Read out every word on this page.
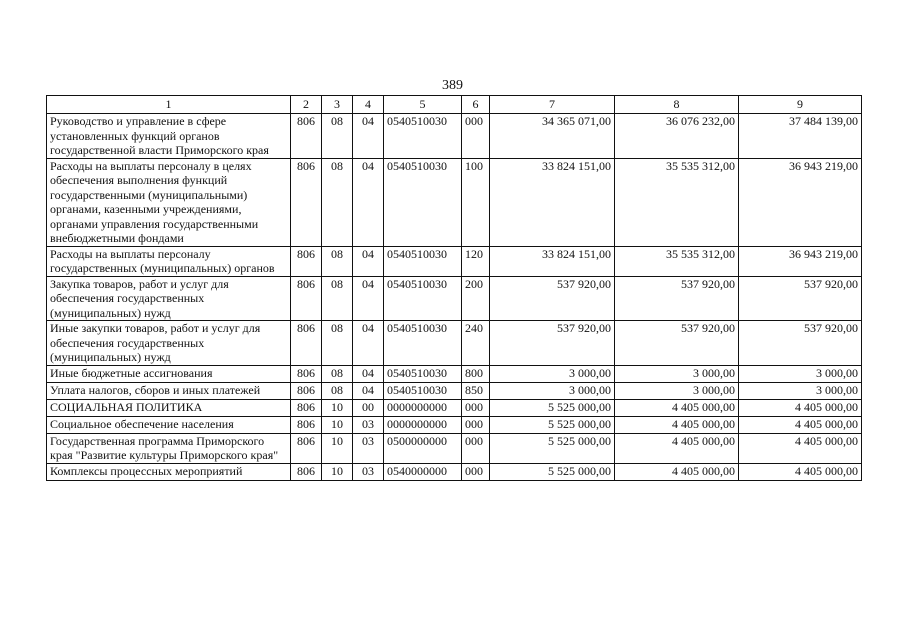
389
1	2	3	4	5	6	7	8	9
Руководство и управление в сфере установленных функций органов государственной власти Приморского края	806	08	04	0540510030	000	34 365 071,00	36 076 232,00	37 484 139,00
Расходы на выплаты персоналу в целях обеспечения выполнения функций государственными (муниципальными) органами, казенными учреждениями, органами управления государственными внебюджетными фондами	806	08	04	0540510030	100	33 824 151,00	35 535 312,00	36 943 219,00
Расходы на выплаты персоналу государственных (муниципальных) органов	806	08	04	0540510030	120	33 824 151,00	35 535 312,00	36 943 219,00
Закупка товаров, работ и услуг для обеспечения государственных (муниципальных) нужд	806	08	04	0540510030	200	537 920,00	537 920,00	537 920,00
Иные закупки товаров, работ и услуг для обеспечения государственных (муниципальных) нужд	806	08	04	0540510030	240	537 920,00	537 920,00	537 920,00
Иные бюджетные ассигнования	806	08	04	0540510030	800	3 000,00	3 000,00	3 000,00
Уплата налогов, сборов и иных платежей	806	08	04	0540510030	850	3 000,00	3 000,00	3 000,00
СОЦИАЛЬНАЯ ПОЛИТИКА	806	10	00	0000000000	000	5 525 000,00	4 405 000,00	4 405 000,00
Социальное обеспечение населения	806	10	03	0000000000	000	5 525 000,00	4 405 000,00	4 405 000,00
Государственная программа Приморского края "Развитие культуры Приморского края"	806	10	03	0500000000	000	5 525 000,00	4 405 000,00	4 405 000,00
Комплексы процессных мероприятий	806	10	03	0540000000	000	5 525 000,00	4 405 000,00	4 405 000,00
